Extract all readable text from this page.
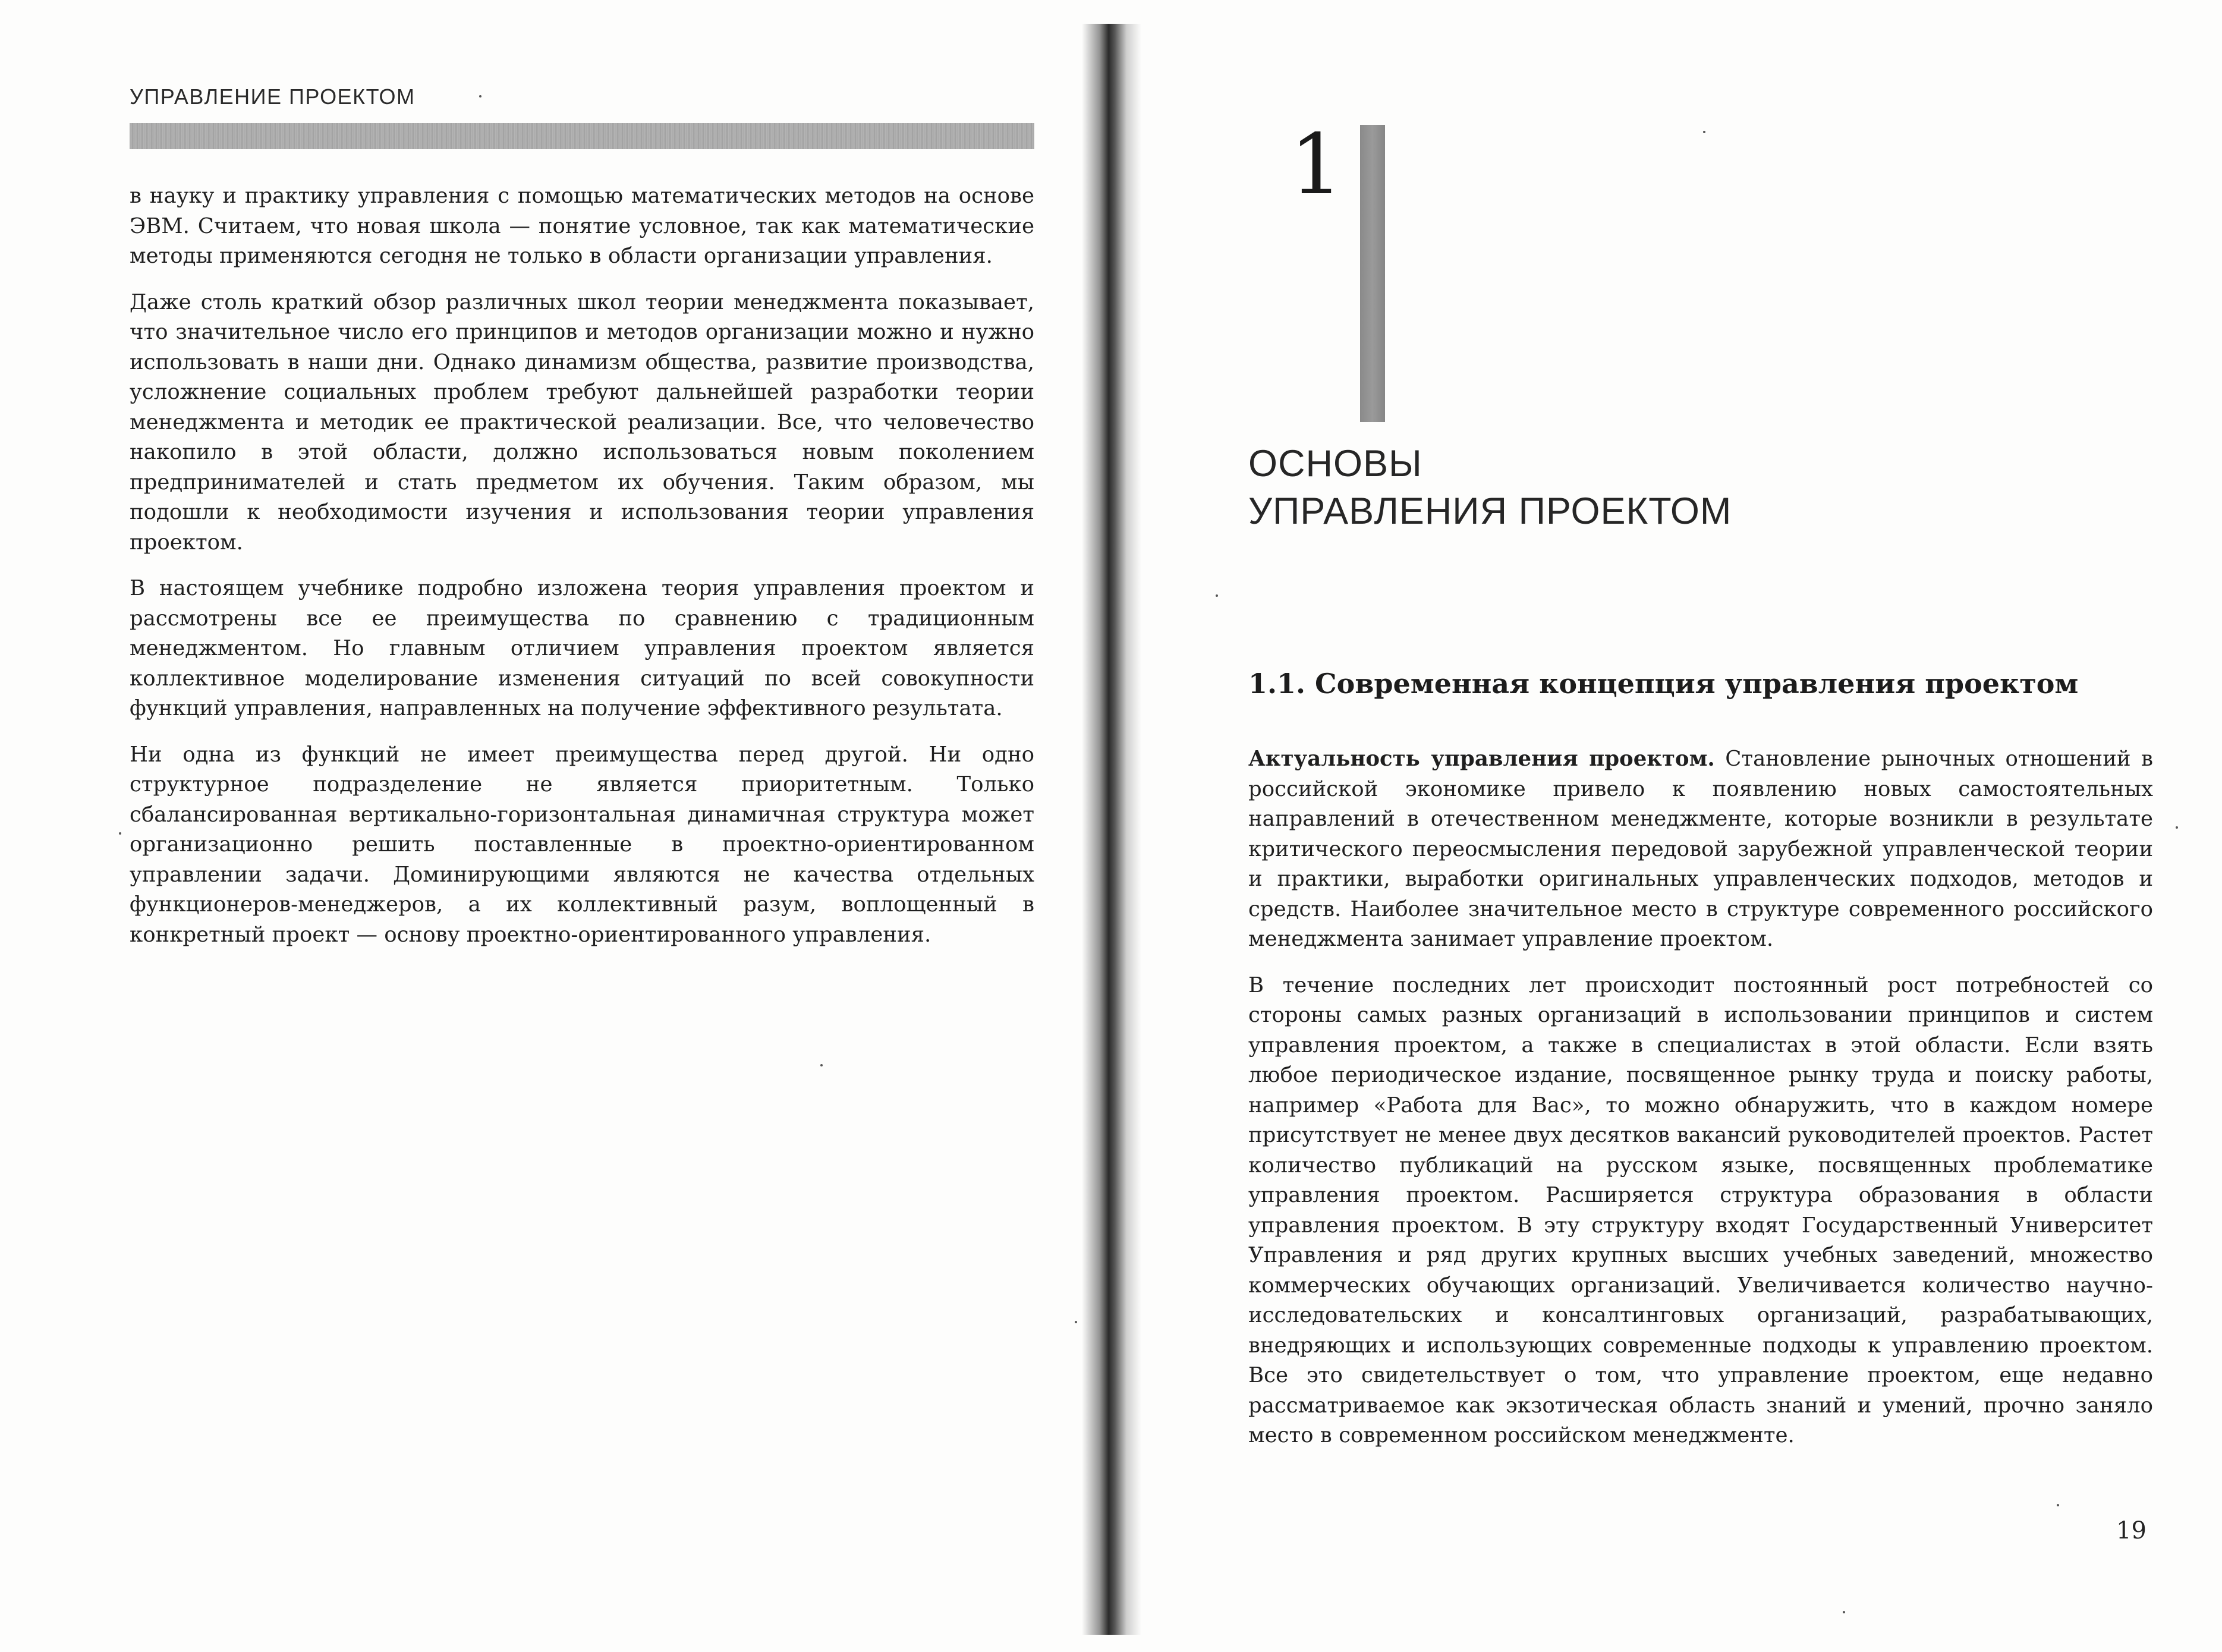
УПРАВЛЕНИЕ ПРОЕКТОМ

в науку и практику управления с помощью математических методов на основе ЭВМ. Считаем, что новая школа — понятие условное, так как математические методы применяются сегодня не только в области организации управления.

Даже столь краткий обзор различных школ теории менеджмента показывает, что значительное число его принципов и методов организации можно и нужно использовать в наши дни. Однако динамизм общества, развитие производства, усложнение социальных проблем требуют дальнейшей разработки теории менеджмента и методик ее практической реализации. Все, что человечество накопило в этой области, должно использоваться новым поколением предпринимателей и стать предметом их обучения. Таким образом, мы подошли к необходимости изучения и использования теории управления проектом.

В настоящем учебнике подробно изложена теория управления проектом и рассмотрены все ее преимущества по сравнению с традиционным менеджментом. Но главным отличием управления проектом является коллективное моделирование изменения ситуаций по всей совокупности функций управления, направленных на получение эффективного результата.

Ни одна из функций не имеет преимущества перед другой. Ни одно структурное подразделение не является приоритетным. Только сбалансированная вертикально-горизонтальная динамичная структура может организационно решить поставленные в проектно-ориентированном управлении задачи. Доминирующими являются не качества отдельных функционеров-менеджеров, а их коллективный разум, воплощенный в конкретный проект — основу проектно-ориентированного управления.

1
ОСНОВЫ
УПРАВЛЕНИЯ ПРОЕКТОМ
1.1. Современная концепция управления проектом

Актуальность управления проектом. Становление рыночных отношений в российской экономике привело к появлению новых самостоятельных направлений в отечественном менеджменте, которые возникли в результате критического переосмысления передовой зарубежной управленческой теории и практики, выработки оригинальных управленческих подходов, методов и средств. Наиболее значительное место в структуре современного российского менеджмента занимает управление проектом.

В течение последних лет происходит постоянный рост потребностей со стороны самых разных организаций в использовании принципов и систем управления проектом, а также в специалистах в этой области. Если взять любое периодическое издание, посвященное рынку труда и поиску работы, например «Работа для Вас», то можно обнаружить, что в каждом номере присутствует не менее двух десятков вакансий руководителей проектов. Растет количество публикаций на русском языке, посвященных проблематике управления проектом. Расширяется структура образования в области управления проектом. В эту структуру входят Государственный Университет Управления и ряд других крупных высших учебных заведений, множество коммерческих обучающих организаций. Увеличивается количество научно-исследовательских и консалтинговых организаций, разрабатывающих, внедряющих и использующих современные подходы к управлению проектом. Все это свидетельствует о том, что управление проектом, еще недавно рассматриваемое как экзотическая область знаний и умений, прочно заняло место в современном российском менеджменте.

19
